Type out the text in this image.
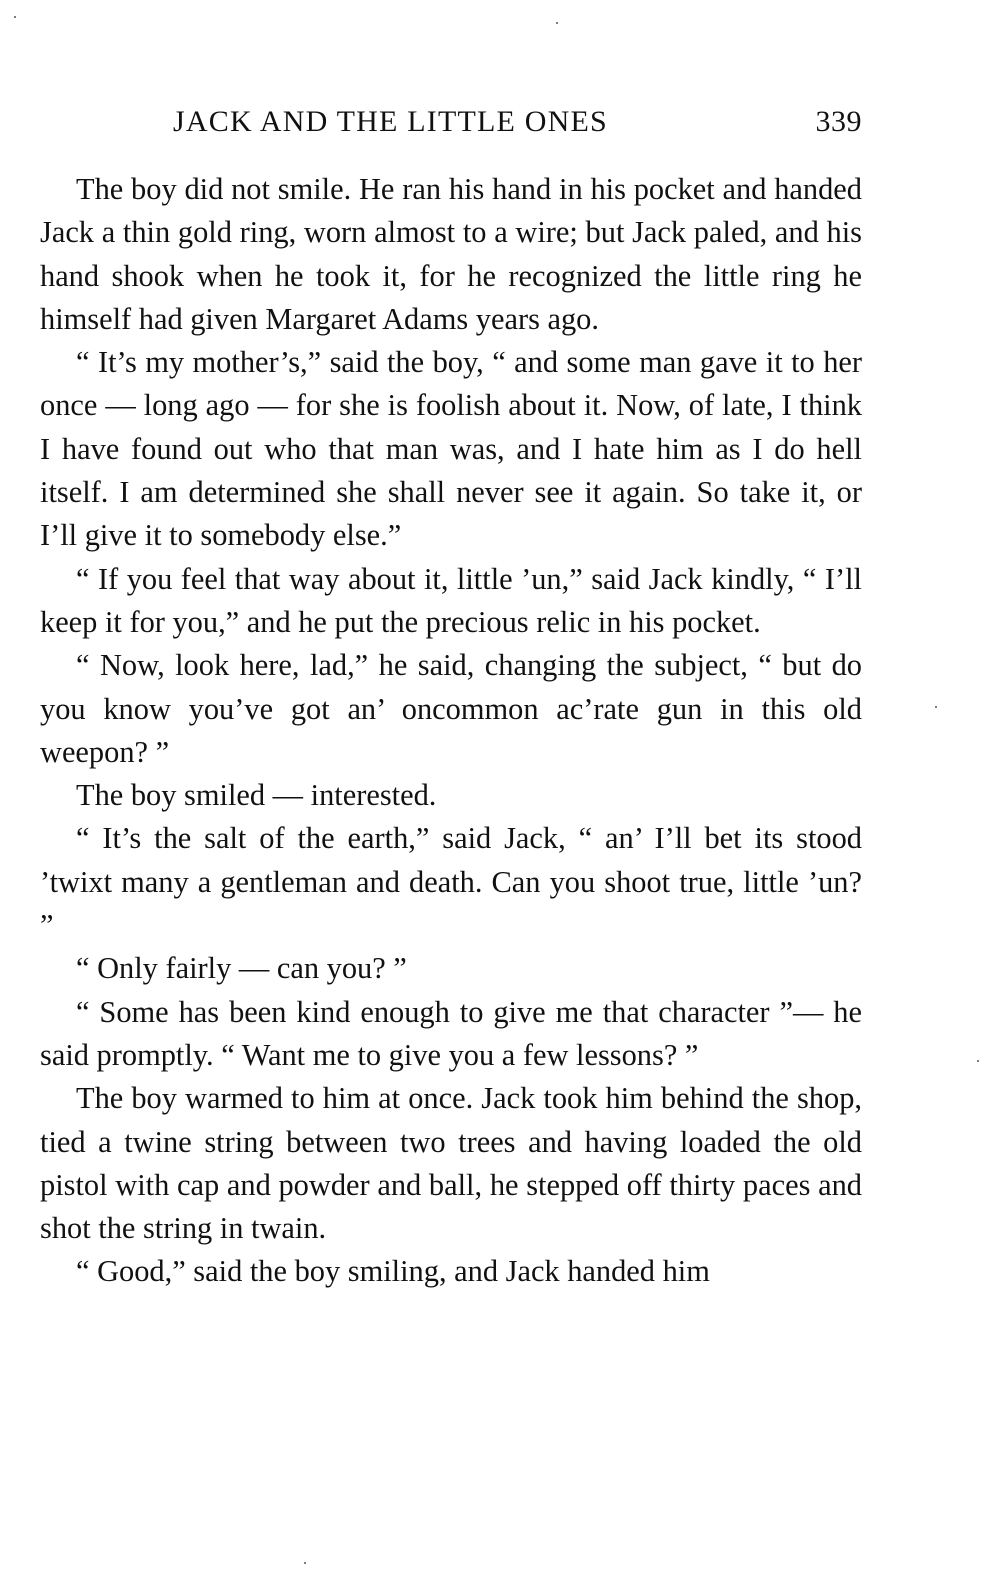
JACK AND THE LITTLE ONES	339

The boy did not smile. He ran his hand in his pocket and handed Jack a thin gold ring, worn almost to a wire; but Jack paled, and his hand shook when he took it, for he recognized the little ring he himself had given Margaret Adams years ago.

“ It’s my mother’s,” said the boy, “ and some man gave it to her once — long ago — for she is foolish about it. Now, of late, I think I have found out who that man was, and I hate him as I do hell itself. I am determined she shall never see it again. So take it, or I’ll give it to somebody else.”

“ If you feel that way about it, little ’un,” said Jack kindly, “ I’ll keep it for you,” and he put the precious relic in his pocket.

“ Now, look here, lad,” he said, changing the subject, “ but do you know you’ve got an’ oncommon ac’rate gun in this old weepon? ”

The boy smiled — interested.

“ It’s the salt of the earth,” said Jack, “ an’ I’ll bet its stood ’twixt many a gentleman and death. Can you shoot true, little ’un? ”

“ Only fairly — can you? ”

“ Some has been kind enough to give me that character ”— he said promptly. “ Want me to give you a few lessons? ”

The boy warmed to him at once. Jack took him behind the shop, tied a twine string between two trees and having loaded the old pistol with cap and powder and ball, he stepped off thirty paces and shot the string in twain.

“ Good,” said the boy smiling, and Jack handed him
